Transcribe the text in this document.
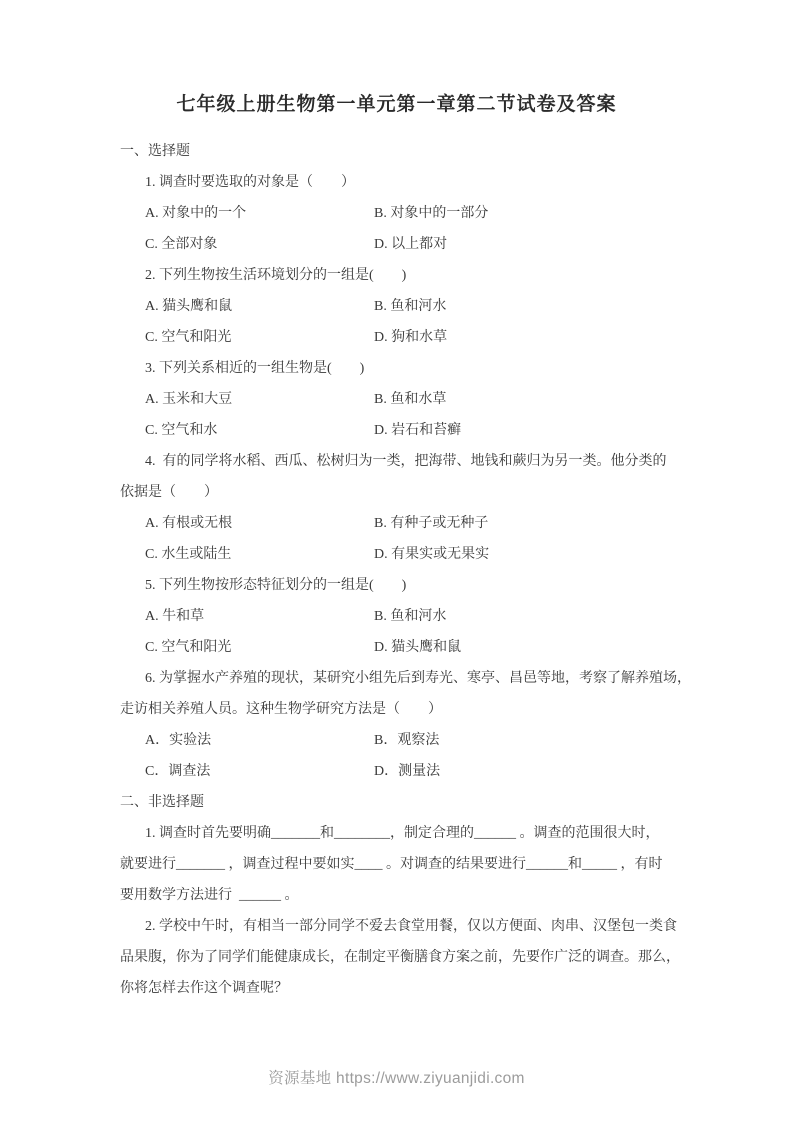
七年级上册生物第一单元第一章第二节试卷及答案
一、选择题
1. 调查时要选取的对象是（　　）
A. 对象中的一个	B. 对象中的一部分
C. 全部对象	D. 以上都对
2. 下列生物按生活环境划分的一组是(　　)
A. 猫头鹰和鼠	B. 鱼和河水
C. 空气和阳光	D. 狗和水草
3. 下列关系相近的一组生物是(　　)
A. 玉米和大豆	B. 鱼和水草
C. 空气和水	D. 岩石和苔癣
4.  有的同学将水稻、西瓜、松树归为一类，把海带、地钱和蕨归为另一类。他分类的
依据是（　　）
A. 有根或无根	B. 有种子或无种子
C. 水生或陆生	D. 有果实或无果实
5. 下列生物按形态特征划分的一组是(　　)
A. 牛和草	B. 鱼和河水
C. 空气和阳光	D. 猫头鹰和鼠
6. 为掌握水产养殖的现状，某研究小组先后到寿光、寒亭、昌邑等地，考察了解养殖场，
走访相关养殖人员。这种生物学研究方法是（　　）
A．实验法	B．观察法
C．调查法	D．测量法
二、非选择题
1. 调查时首先要明确_______和________，制定合理的______ 。调查的范围很大时，
就要进行_______ ，调查过程中要如实____ 。对调查的结果要进行______和_____ ，有时
要用数学方法进行  ______ 。
2. 学校中午时，有相当一部分同学不爱去食堂用餐，仅以方便面、肉串、汉堡包一类食
品果腹，你为了同学们能健康成长，在制定平衡膳食方案之前，先要作广泛的调查。那么，
你将怎样去作这个调查呢？
资源基地 https://www.ziyuanjidi.com
